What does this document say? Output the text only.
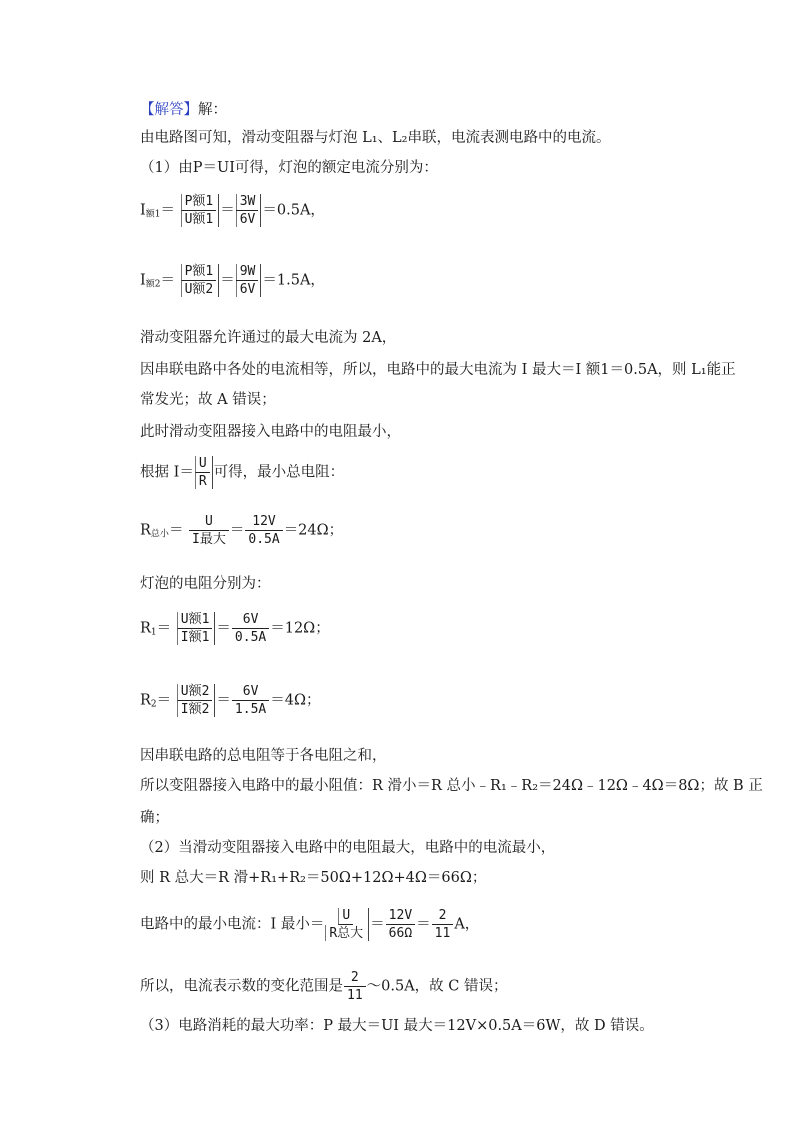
【解答】解：
由电路图可知，滑动变阻器与灯泡 L₁、L₂串联，电流表测电路中的电流。
（1）由P＝UI可得，灯泡的额定电流分别为：
$I_{额1}= \frac{\text{P额1}}{\text{U额1}} = \frac{3W}{6V} =0.5A$，
$I_{额2}= \frac{\text{P额1}}{\text{U额2}} = \frac{9W}{6V} =1.5A$，
滑动变阻器允许通过的最大电流为 2A，
因串联电路中各处的电流相等，所以，电路中的最大电流为 I 最大＝I 额1＝0.5A，则 L₁能正
常发光；故 A 错误；
此时滑动变阻器接入电路中的电阻最小，
根据 $I= \frac{U}{R}$ 可得，最小总电阻：
$R_{总小}= \frac{U}{\text{I最大}} = \frac{12V}{0.5A} =24\Omega$；
灯泡的电阻分别为：
$R_1= \frac{\text{U额1}}{\text{I额1}} = \frac{6V}{0.5A} =12\Omega$；
$R_2= \frac{\text{U额2}}{\text{I额2}} = \frac{6V}{1.5A} =4\Omega$；
因串联电路的总电阻等于各电阻之和，
所以变阻器接入电路中的最小阻值：R 滑小＝R 总小﹣R₁﹣R₂＝24Ω﹣12Ω﹣4Ω＝8Ω；故 B 正
确；
（2）当滑动变阻器接入电路中的电阻最大，电路中的电流最小，
则 R 总大＝R 滑+R₁+R₂＝50Ω+12Ω+4Ω＝66Ω；
电路中的最小电流：I 最小＝ $\frac{U}{\text{R总大}} = \frac{12V}{66\Omega} = \frac{2}{11}$ A，
所以，电流表示数的变化范围是 $\frac{2}{11}$ ～0.5A，故 C 错误；
（3）电路消耗的最大功率：P 最大＝UI 最大＝12V×0.5A＝6W，故 D 错误。
